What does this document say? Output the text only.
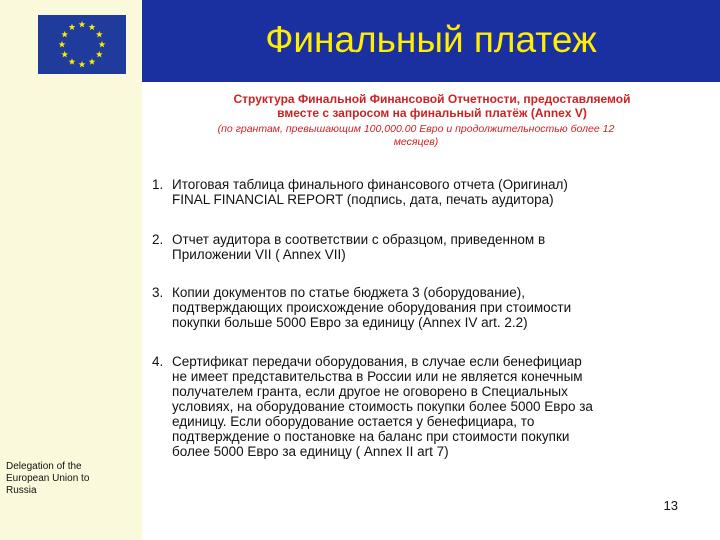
Финальный платеж
Структура Финальной Финансовой Отчетности, предоставляемой
вместе с запросом на финальный платёж (Annex V)
(по грантам, превышающим 100,000.00 Евро и продолжительностью более 12
месяцев)
1. Итоговая таблица финального финансового отчета (Оригинал)
FINAL FINANCIAL REPORT (подпись, дата, печать аудитора)
2. Отчет аудитора в соответствии с образцом, приведенном в
Приложении VII ( Annex VII)
3. Копии документов по статье бюджета 3 (оборудование),
подтверждающих происхождение оборудования при стоимости
покупки больше 5000 Евро за единицу (Annex IV art. 2.2)
4. Сертификат передачи оборудования, в случае если бенефициар
не имеет представительства в России или не является конечным
получателем гранта, если другое не оговорено в Специальных
условиях, на оборудование стоимость покупки более 5000 Евро за
единицу. Если оборудование остается у бенефициара, то
подтверждение о постановке на баланс при стоимости покупки
более 5000 Евро за единицу ( Annex II art 7)
Delegation of the
European Union to
Russia
13
